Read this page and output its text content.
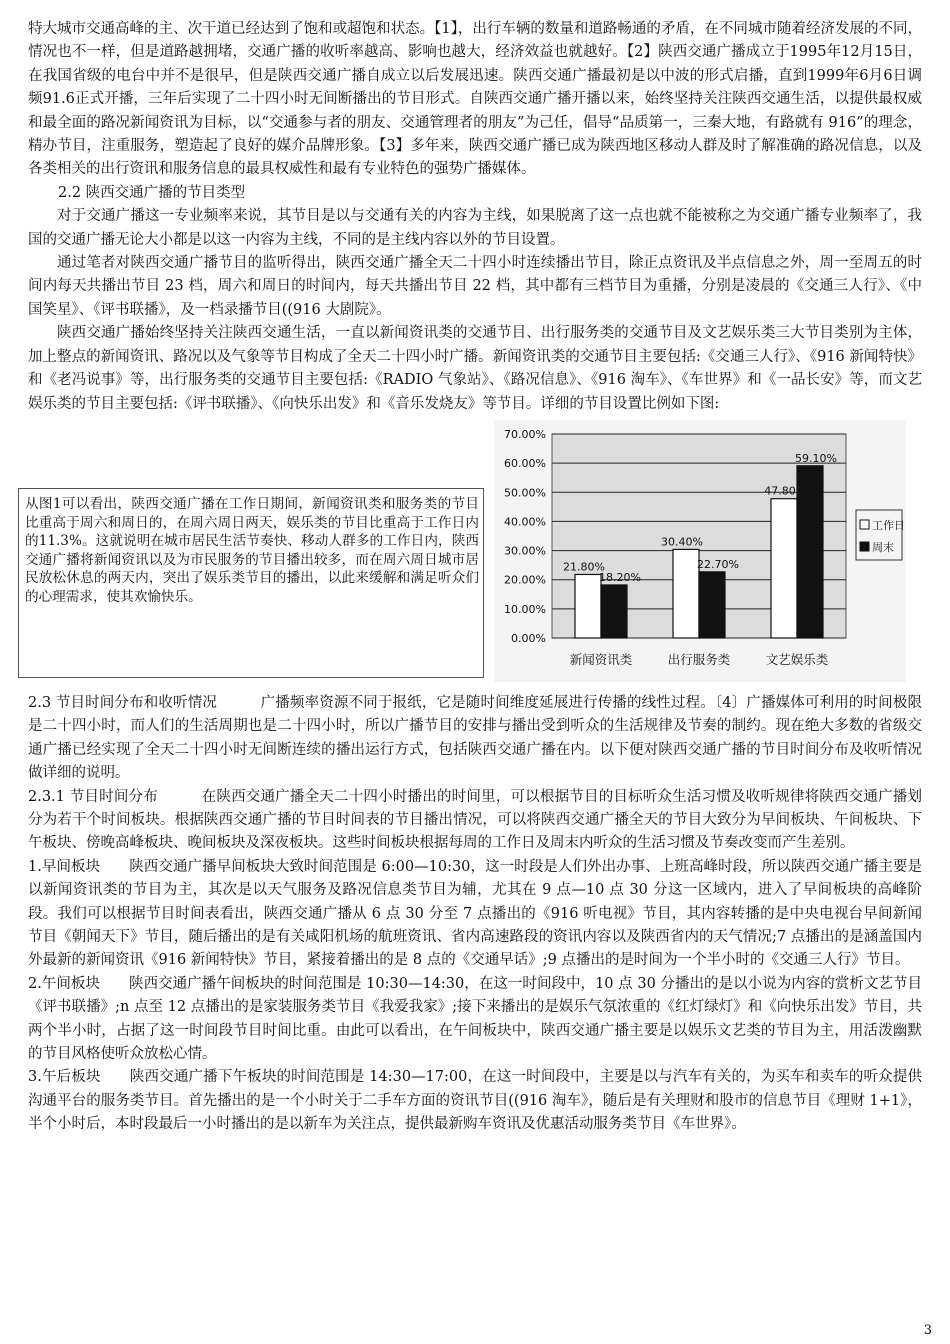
特大城市交通高峰的主、次干道已经达到了饱和或超饱和状态。【1】，出行车辆的数量和道路畅通的矛盾，在不同城市随着经济发展的不同，情况也不一样，但是道路越拥堵，交通广播的收听率越高、影响也越大，经济效益也就越好。【2】陕西交通广播成立于1995年12月15日，在我国省级的电台中并不是很早，但是陕西交通广播自成立以后发展迅速。陕西交通广播最初是以中波的形式启播，直到1999年6月6日调频91.6正式开播，三年后实现了二十四小时无间断播出的节目形式。自陕西交通广播开播以来，始终坚持关注陕西交通生活，以提供最权威和最全面的路况新闻资讯为目标，以“交通参与者的朋友、交通管理者的朋友”为己任，倡导“品质第一，三秦大地，有路就有 916”的理念，精办节目，注重服务，塑造起了良好的媒介品牌形象。【3】多年来，陕西交通广播已成为陕西地区移动人群及时了解准确的路况信息，以及各类相关的出行资讯和服务信息的最具权威性和最有专业特色的强势广播媒体。

2.2 陕西交通广播的节目类型

对于交通广播这一专业频率来说，其节目是以与交通有关的内容为主线，如果脱离了这一点也就不能被称之为交通广播专业频率了，我国的交通广播无论大小都是以这一内容为主线，不同的是主线内容以外的节目设置。

通过笔者对陕西交通广播节目的监听得出，陕西交通广播全天二十四小时连续播出节目，除正点资讯及半点信息之外，周一至周五的时间内每天共播出节目 23 档，周六和周日的时间内，每天共播出节目 22 档，其中都有三档节目为重播，分别是凌晨的《交通三人行》、《中国笑星》、《评书联播》，及一档录播节目((916 大剧院》。

陕西交通广播始终坚持关注陕西交通生活，一直以新闻资讯类的交通节目、出行服务类的交通节目及文艺娱乐类三大节目类别为主体，加上整点的新闻资讯、路况以及气象等节目构成了全天二十四小时广播。新闻资讯类的交通节目主要包括:《交通三人行》、《916 新闻特快》和《老冯说事》等，出行服务类的交通节目主要包括:《RADIO 气象站》、《路况信息》、《916 淘车》、《车世界》和《一品长安》等，而文艺娱乐类的节目主要包括:《评书联播》、《向快乐出发》和《音乐发烧友》等节目。详细的节目设置比例如下图:

从图1可以看出，陕西交通广播在工作日期间，新闻资讯类和服务类的节目比重高于周六和周日的，在周六周日两天，娱乐类的节目比重高于工作日内的11.3%。这就说明在城市居民生活节奏快、移动人群多的工作日内，陕西交通广播将新闻资讯以及为市民服务的节目播出较多，而在周六周日城市居民放松休息的两天内，突出了娱乐类节目的播出，以此来缓解和满足听众们的心理需求，使其欢愉快乐。
0.00%
10.00%
20.00%
30.00%
40.00%
50.00%
60.00%
70.00%
21.80%
18.20%
新闻资讯类
30.40%
22.70%
出行服务类
47.80
59.10%
文艺娱乐类
工作日
周末

2.3 节目时间分布和收听情况	广播频率资源不同于报纸，它是随时间维度延展进行传播的线性过程。〔4〕广播媒体可利用的时间极限是二十四小时，而人们的生活周期也是二十四小时，所以广播节目的安排与播出受到听众的生活规律及节奏的制约。现在绝大多数的省级交通广播已经实现了全天二十四小时无间断连续的播出运行方式，包括陕西交通广播在内。以下便对陕西交通广播的节目时间分布及收听情况做详细的说明。

2.3.1 节目时间分布	在陕西交通广播全天二十四小时播出的时间里，可以根据节目的目标听众生活习惯及收听规律将陕西交通广播划分为若干个时间板块。根据陕西交通广播的节目时间表的节目播出情况，可以将陕西交通广播全天的节目大致分为早间板块、午间板块、下午板块、傍晚高峰板块、晚间板块及深夜板块。这些时间板块根据每周的工作日及周末内听众的生活习惯及节奏改变而产生差别。

1.早间板块 陕西交通广播早间板块大致时间范围是 6:00—10:30，这一时段是人们外出办事、上班高峰时段，所以陕西交通广播主要是以新闻资讯类的节目为主，其次是以天气服务及路况信息类节目为辅，尤其在 9 点—10 点 30 分这一区域内，进入了早间板块的高峰阶段。我们可以根据节目时间表看出，陕西交通广播从 6 点 30 分至 7 点播出的《916 听电视》节目，其内容转播的是中央电视台早间新闻节目《朝闻天下》节目，随后播出的是有关咸阳机场的航班资讯、省内高速路段的资讯内容以及陕西省内的天气情况;7 点播出的是涵盖国内外最新的新闻资讯《916 新闻特快》节目，紧接着播出的是 8 点的《交通早话》;9 点播出的是时间为一个半小时的《交通三人行》节目。

2.午间板块 陕西交通广播午间板块的时间范围是 10:30—14:30，在这一时间段中，10 点 30 分播出的是以小说为内容的赏析文艺节目《评书联播》;n 点至 12 点播出的是家装服务类节目《我爱我家》;接下来播出的是娱乐气氛浓重的《红灯绿灯》和《向快乐出发》节目，共两个半小时，占据了这一时间段节目时间比重。由此可以看出，在午间板块中，陕西交通广播主要是以娱乐文艺类的节目为主，用活泼幽默的节目风格使听众放松心情。

3.午后板块 陕西交通广播下午板块的时间范围是 14:30—17:00，在这一时间段中，主要是以与汽车有关的，为买车和卖车的听众提供沟通平台的服务类节目。首先播出的是一个小时关于二手车方面的资讯节目((916 淘车》，随后是有关理财和股市的信息节目《理财 1+1》，半个小时后，本时段最后一小时播出的是以新车为关注点，提供最新购车资讯及优惠活动服务类节目《车世界》。

3
